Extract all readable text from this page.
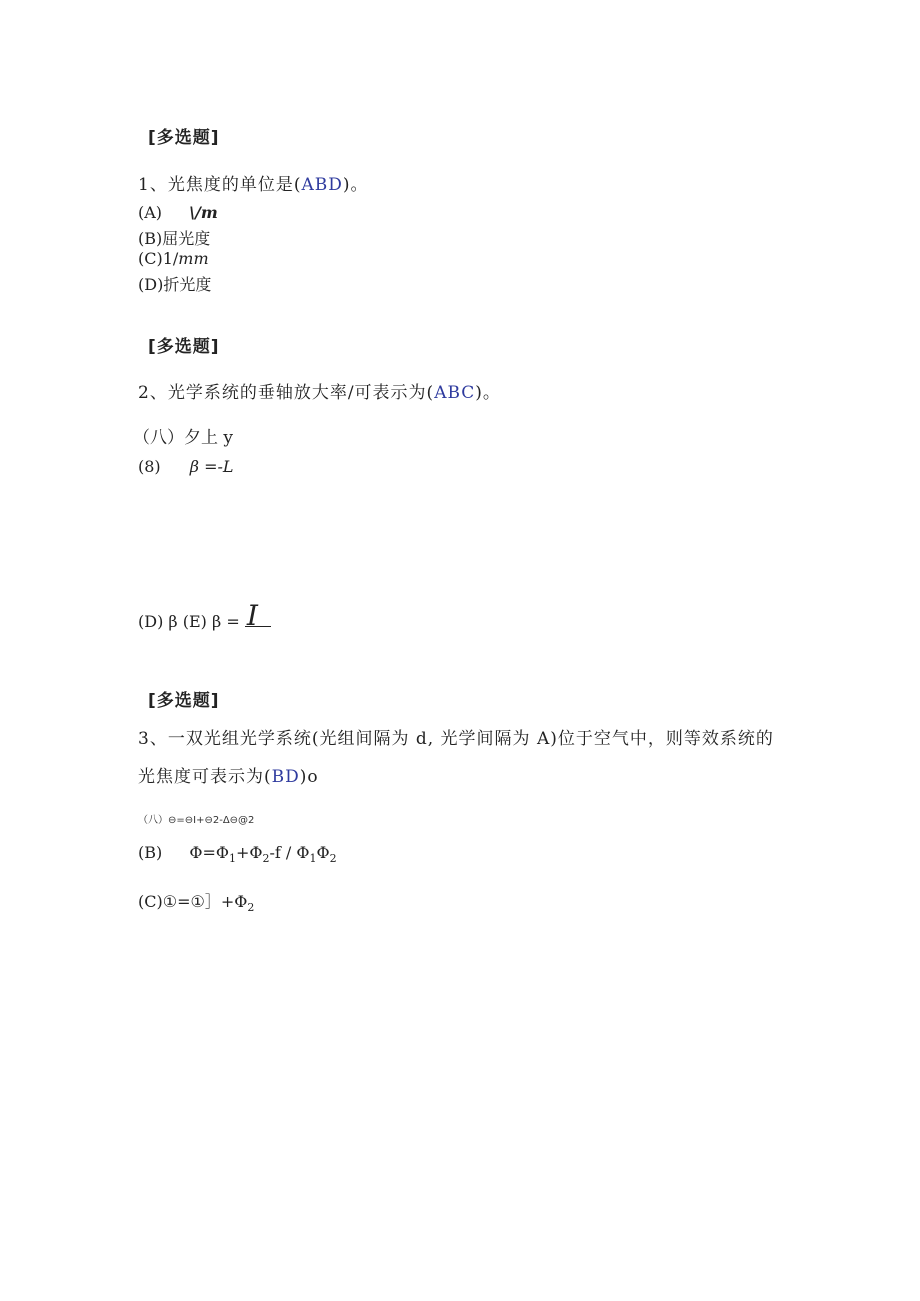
[多选题]
1、光焦度的单位是(ABD)。
(A) \/m
(B)屈光度
(C)1/mm
(D)折光度
[多选题]
2、光学系统的垂轴放大率/可表示为(ABC)。
（八）夕上 y
(8) β =-L
(D) β (E) β = I
[多选题]
3、一双光组光学系统(光组间隔为 d, 光学间隔为 A)位于空气中，则等效系统的
光焦度可表示为(BD)o
（八）⊖=⊖I+⊖2-Δ⊖@2
(B) $\Phi=\Phi_1+\Phi_2-f / \Phi_1\Phi_2$
$(C)①=①]+\Phi_2$
